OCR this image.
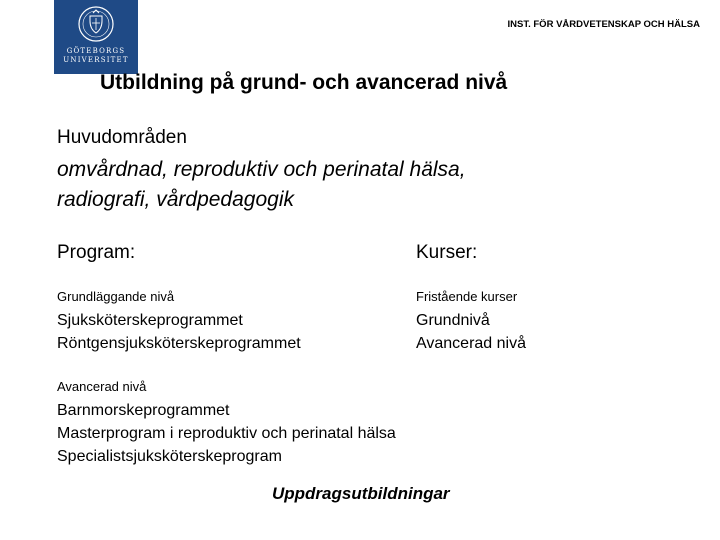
GÖTEBORGS
UNIVERSITET
INST. FÖR VÅRDVETENSKAP OCH HÄLSA
Utbildning på grund- och avancerad nivå
Huvudområden
omvårdnad, reproduktiv och perinatal hälsa,
radiografi, vårdpedagogik
Program:	Kurser:
Grundläggande nivå	Fristående kurser
Sjuksköterskeprogrammet
Röntgensjuksköterskeprogrammet
Grundnivå
Avancerad nivå
Avancerad nivå
Barnmorskeprogrammet
Masterprogram i reproduktiv och perinatal hälsa
Specialistsjuksköterskeprogram
Uppdragsutbildningar
